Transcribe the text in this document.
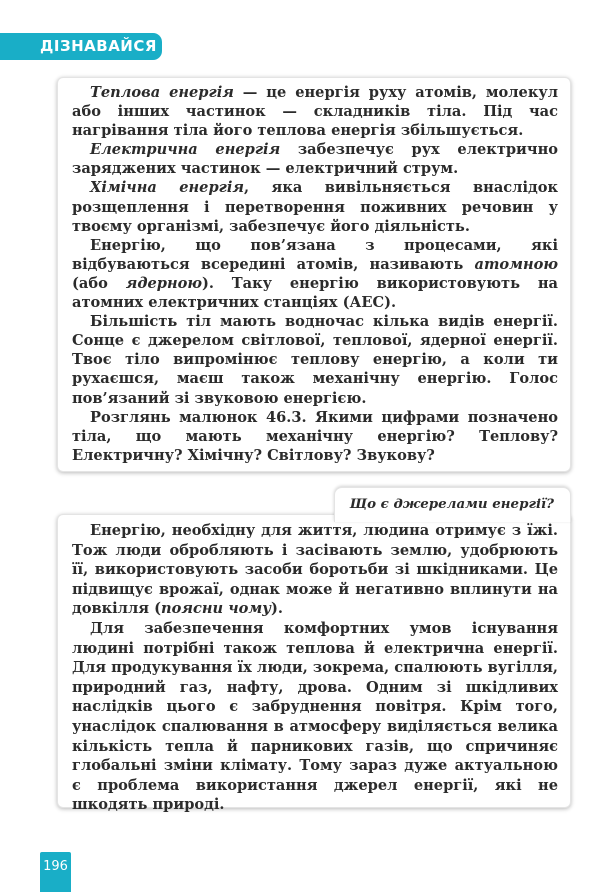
ДІЗНАВАЙСЯ

Теплова енергія — це енергія руху атомів, молекул або інших частинок — складників тіла. Під час нагрівання тіла його теплова енергія збільшується.

Електрична енергія забезпечує рух електрично заряджених частинок — електричний струм.

Хімічна енергія, яка вивільняється внаслідок розщеплення і перетворення поживних речовин у твоєму організмі, забезпечує його діяльність.

Енергію, що пов’язана з процесами, які відбуваються всередині атомів, називають атомною (або ядерною). Таку енергію використовують на атомних електричних станціях (АЕС).

Більшість тіл мають водночас кілька видів енергії. Сонце є джерелом світлової, теплової, ядерної енергії. Твоє тіло випромінює теплову енергію, а коли ти рухаєшся, маєш також механічну енергію. Голос пов’язаний зі звуковою енергією.

Розглянь малюнок 46.3. Якими цифрами позначено тіла, що мають механічну енергію? Теплову? Електричну? Хімічну? Світлову? Звукову?

Що є джерелами енергії?

Енергію, необхідну для життя, людина отримує з їжі. Тож люди обробляють і засівають землю, удобрюють її, використовують засоби боротьби зі шкідниками. Це підвищує врожаї, однак може й негативно вплинути на довкілля (поясни чому).

Для забезпечення комфортних умов існування людині потрібні також теплова й електрична енергії. Для продукування їх люди, зокрема, спалюють вугілля, природний газ, нафту, дрова. Одним зі шкідливих наслідків цього є забруднення повітря. Крім того, унаслідок спалювання в атмосферу виділяється велика кількість тепла й парникових газів, що спричиняє глобальні зміни клімату. Тому зараз дуже актуальною є проблема використання джерел енергії, які не шкодять природі.

196
